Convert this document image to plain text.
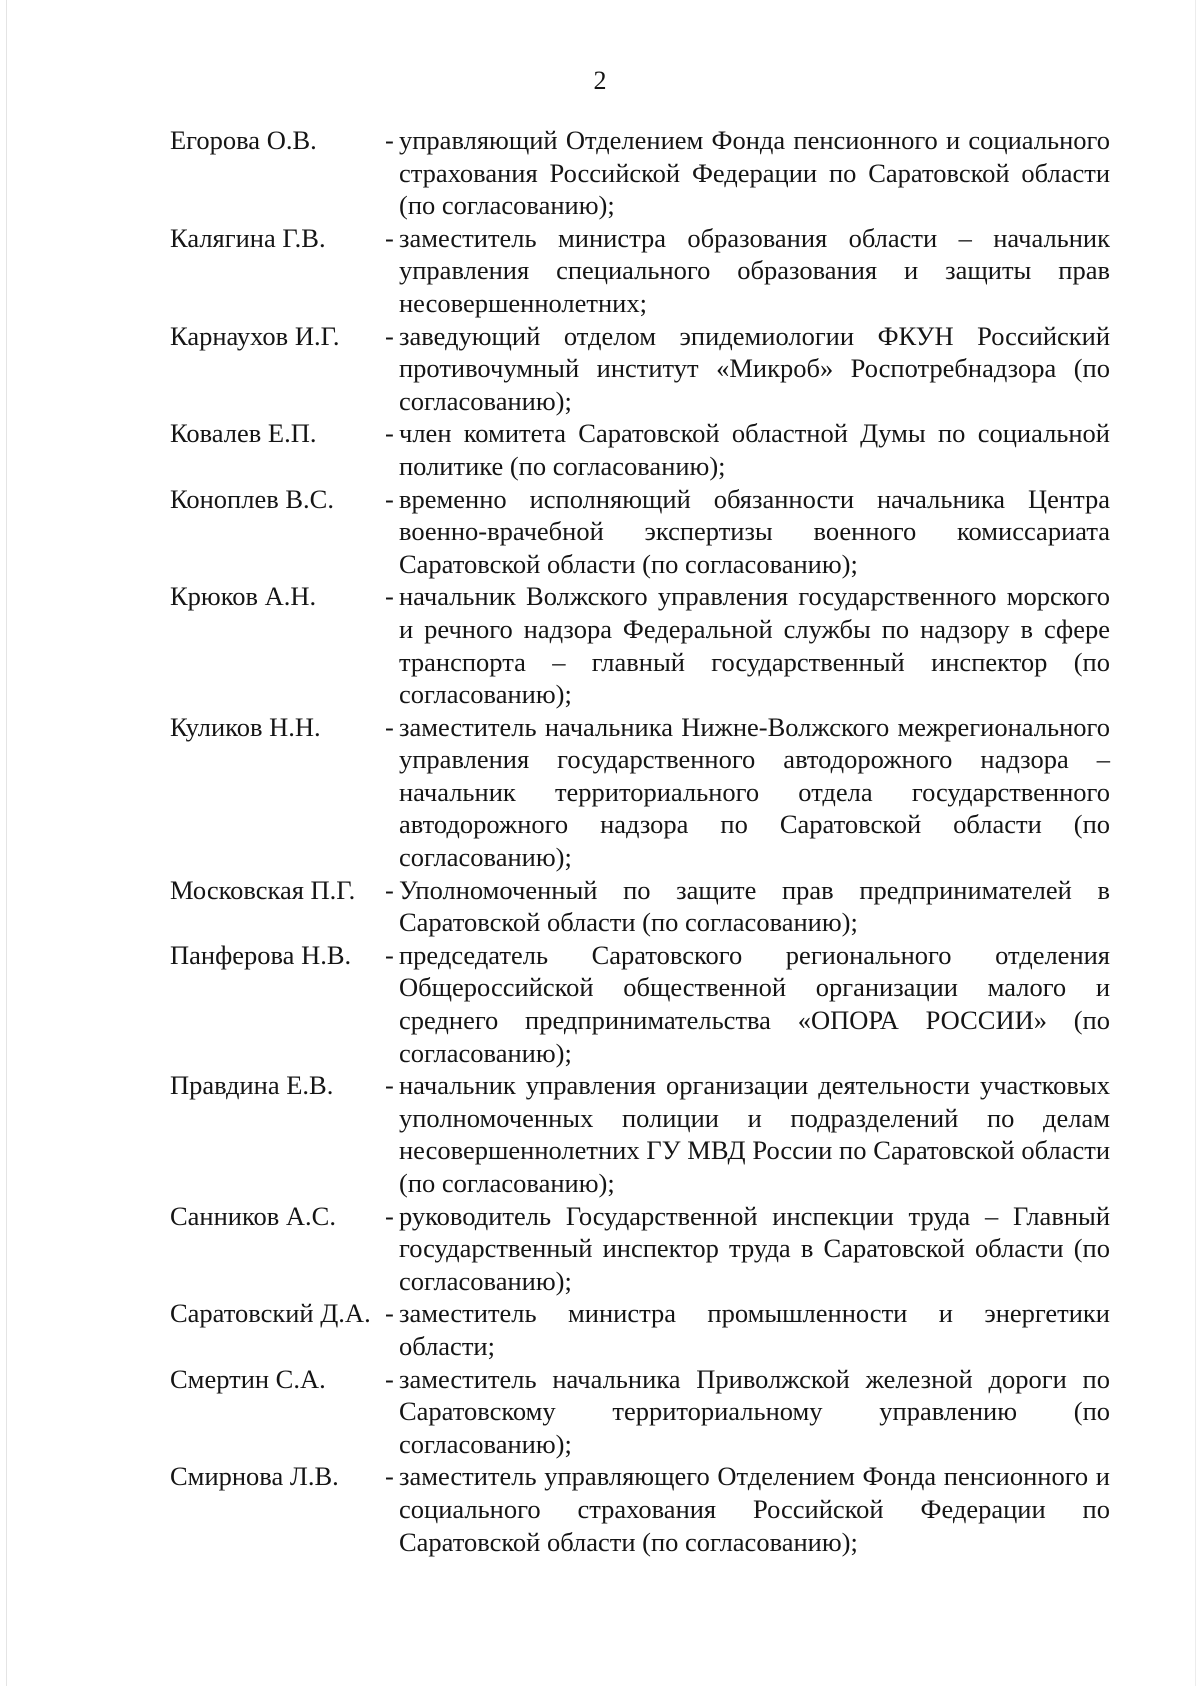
2
Егорова О.В.	- управляющий Отделением Фонда пенсионного и социального страхования Российской Федерации по Саратовской области (по согласованию);
Калягина Г.В.	- заместитель министра образования области – начальник управления специального образования и защиты прав несовершеннолетних;
Карнаухов И.Г.	- заведующий отделом эпидемиологии ФКУН Российский противочумный институт «Микроб» Роспотребнадзора (по согласованию);
Ковалев Е.П.	- член комитета Саратовской областной Думы по социальной политике (по согласованию);
Коноплев В.С.	- временно исполняющий обязанности начальника Центра военно-врачебной экспертизы военного комиссариата Саратовской области (по согласованию);
Крюков А.Н.	- начальник Волжского управления государственного морского и речного надзора Федеральной службы по надзору в сфере транспорта – главный государственный инспектор (по согласованию);
Куликов Н.Н.	- заместитель начальника Нижне-Волжского межрегионального управления государственного автодорожного надзора – начальник территориального отдела государственного автодорожного надзора по Саратовской области (по согласованию);
Московская П.Г.	- Уполномоченный по защите прав предпринимателей в Саратовской области (по согласованию);
Панферова Н.В.	- председатель Саратовского регионального отделения Общероссийской общественной организации малого и среднего предпринимательства «ОПОРА РОССИИ» (по согласованию);
Правдина Е.В.	- начальник управления организации деятельности участковых уполномоченных полиции и подразделений по делам несовершеннолетних ГУ МВД России по Саратовской области (по согласованию);
Санников А.С.	- руководитель Государственной инспекции труда – Главный государственный инспектор труда в Саратовской области (по согласованию);
Саратовский Д.А. - заместитель министра промышленности и энергетики области;
Смертин С.А.	- заместитель начальника Приволжской железной дороги по Саратовскому территориальному управлению (по согласованию);
Смирнова Л.В.	- заместитель управляющего Отделением Фонда пенсионного и социального страхования Российской Федерации по Саратовской области (по согласованию);
